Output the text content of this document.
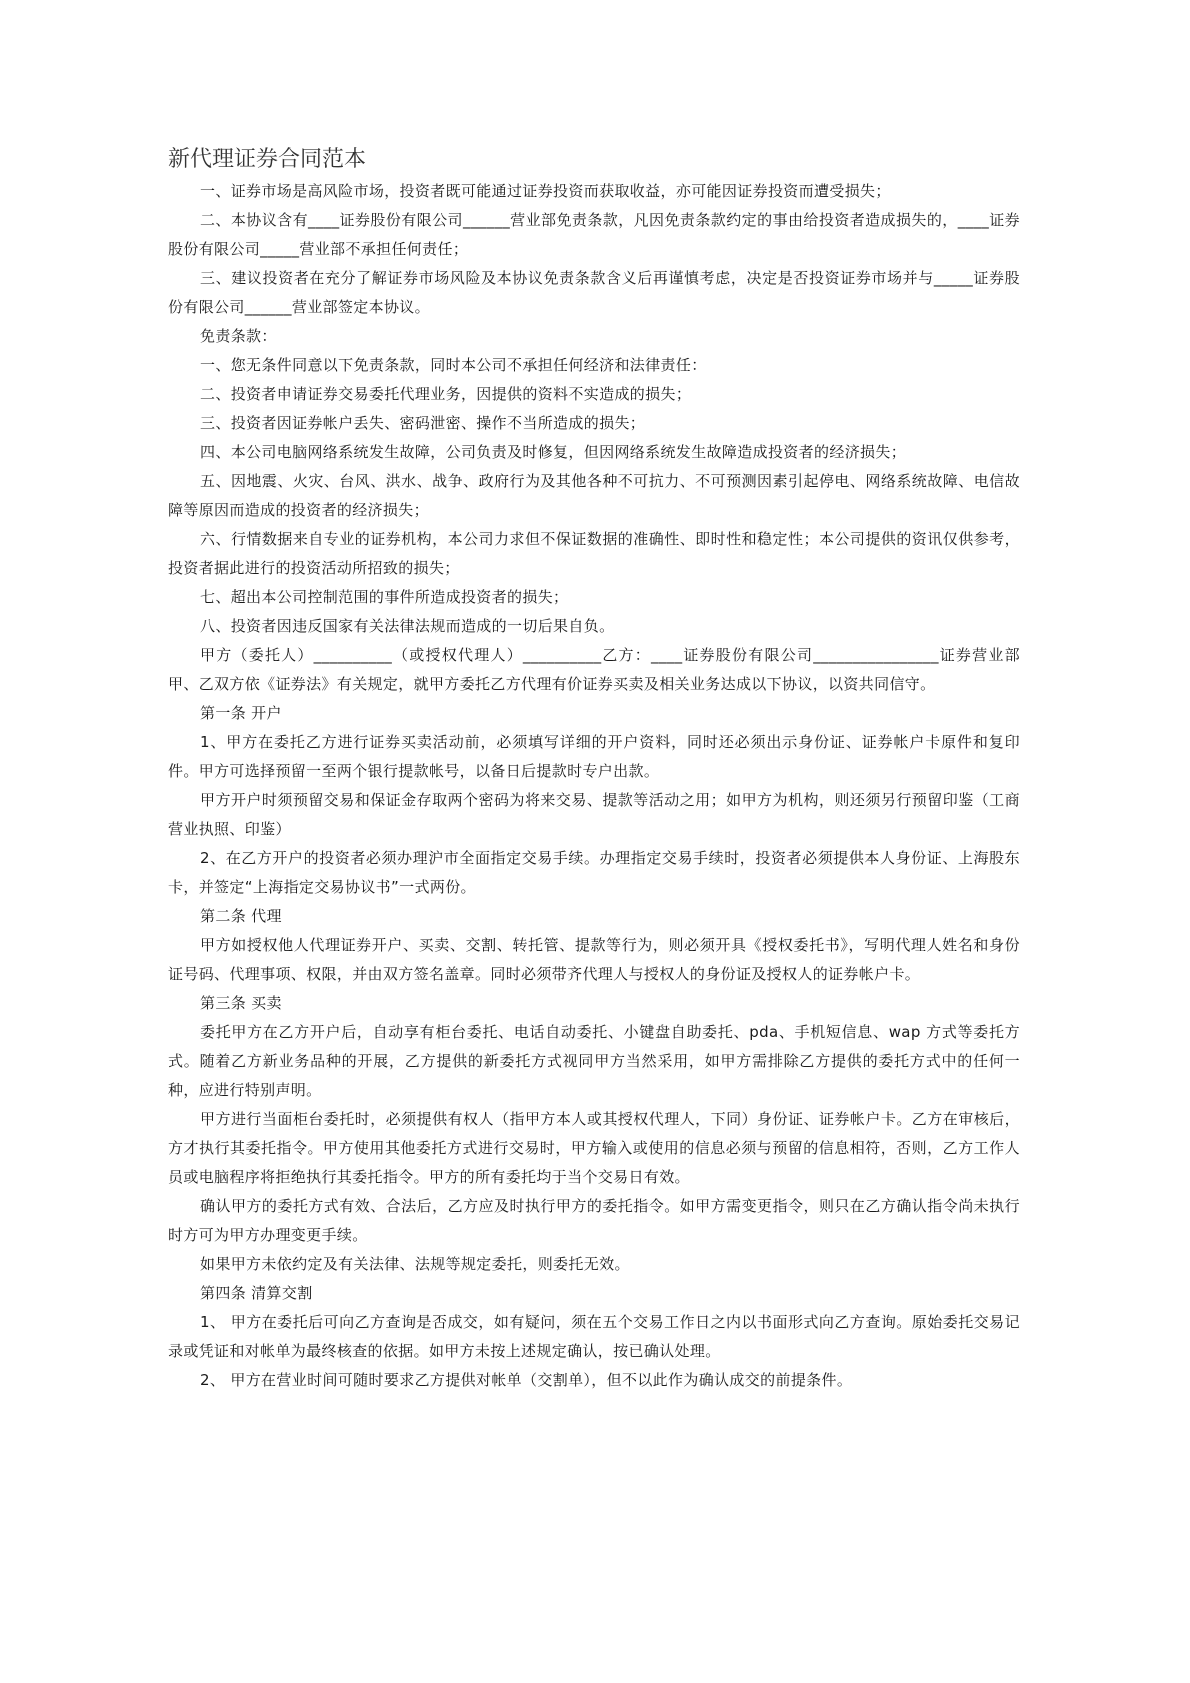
新代理证券合同范本

一、证券市场是高风险市场，投资者既可能通过证券投资而获取收益，亦可能因证券投资而遭受损失；

二、本协议含有____证券股份有限公司______营业部免责条款，凡因免责条款约定的事由给投资者造成损失的，____证券股份有限公司_____营业部不承担任何责任；

三、建议投资者在充分了解证券市场风险及本协议免责条款含义后再谨慎考虑，决定是否投资证券市场并与_____证券股份有限公司______营业部签定本协议。

免责条款：

一、您无条件同意以下免责条款，同时本公司不承担任何经济和法律责任：

二、投资者申请证券交易委托代理业务，因提供的资料不实造成的损失；

三、投资者因证券帐户丢失、密码泄密、操作不当所造成的损失；

四、本公司电脑网络系统发生故障，公司负责及时修复，但因网络系统发生故障造成投资者的经济损失；

五、因地震、火灾、台风、洪水、战争、政府行为及其他各种不可抗力、不可预测因素引起停电、网络系统故障、电信故障等原因而造成的投资者的经济损失；

六、行情数据来自专业的证券机构，本公司力求但不保证数据的准确性、即时性和稳定性；本公司提供的资讯仅供参考，投资者据此进行的投资活动所招致的损失；

七、超出本公司控制范围的事件所造成投资者的损失；

八、投资者因违反国家有关法律法规而造成的一切后果自负。

甲方（委托人）__________（或授权代理人）__________乙方：____证券股份有限公司________________证券营业部甲、乙双方依《证券法》有关规定，就甲方委托乙方代理有价证券买卖及相关业务达成以下协议，以资共同信守。

第一条 开户

1、甲方在委托乙方进行证券买卖活动前，必须填写详细的开户资料，同时还必须出示身份证、证券帐户卡原件和复印件。甲方可选择预留一至两个银行提款帐号，以备日后提款时专户出款。

甲方开户时须预留交易和保证金存取两个密码为将来交易、提款等活动之用；如甲方为机构，则还须另行预留印鉴（工商营业执照、印鉴）

2、在乙方开户的投资者必须办理沪市全面指定交易手续。办理指定交易手续时，投资者必须提供本人身份证、上海股东卡，并签定“上海指定交易协议书”一式两份。

第二条 代理

甲方如授权他人代理证券开户、买卖、交割、转托管、提款等行为，则必须开具《授权委托书》，写明代理人姓名和身份证号码、代理事项、权限，并由双方签名盖章。同时必须带齐代理人与授权人的身份证及授权人的证券帐户卡。

第三条 买卖

委托甲方在乙方开户后，自动享有柜台委托、电话自动委托、小键盘自助委托、pda、手机短信息、wap 方式等委托方式。随着乙方新业务品种的开展，乙方提供的新委托方式视同甲方当然采用，如甲方需排除乙方提供的委托方式中的任何一种，应进行特别声明。

甲方进行当面柜台委托时，必须提供有权人（指甲方本人或其授权代理人，下同）身份证、证券帐户卡。乙方在审核后，方才执行其委托指令。甲方使用其他委托方式进行交易时，甲方输入或使用的信息必须与预留的信息相符，否则，乙方工作人员或电脑程序将拒绝执行其委托指令。甲方的所有委托均于当个交易日有效。

确认甲方的委托方式有效、合法后，乙方应及时执行甲方的委托指令。如甲方需变更指令，则只在乙方确认指令尚未执行时方可为甲方办理变更手续。

如果甲方未依约定及有关法律、法规等规定委托，则委托无效。

第四条 清算交割

1、 甲方在委托后可向乙方查询是否成交，如有疑问，须在五个交易工作日之内以书面形式向乙方查询。原始委托交易记录或凭证和对帐单为最终核查的依据。如甲方未按上述规定确认，按已确认处理。

2、 甲方在营业时间可随时要求乙方提供对帐单（交割单），但不以此作为确认成交的前提条件。
